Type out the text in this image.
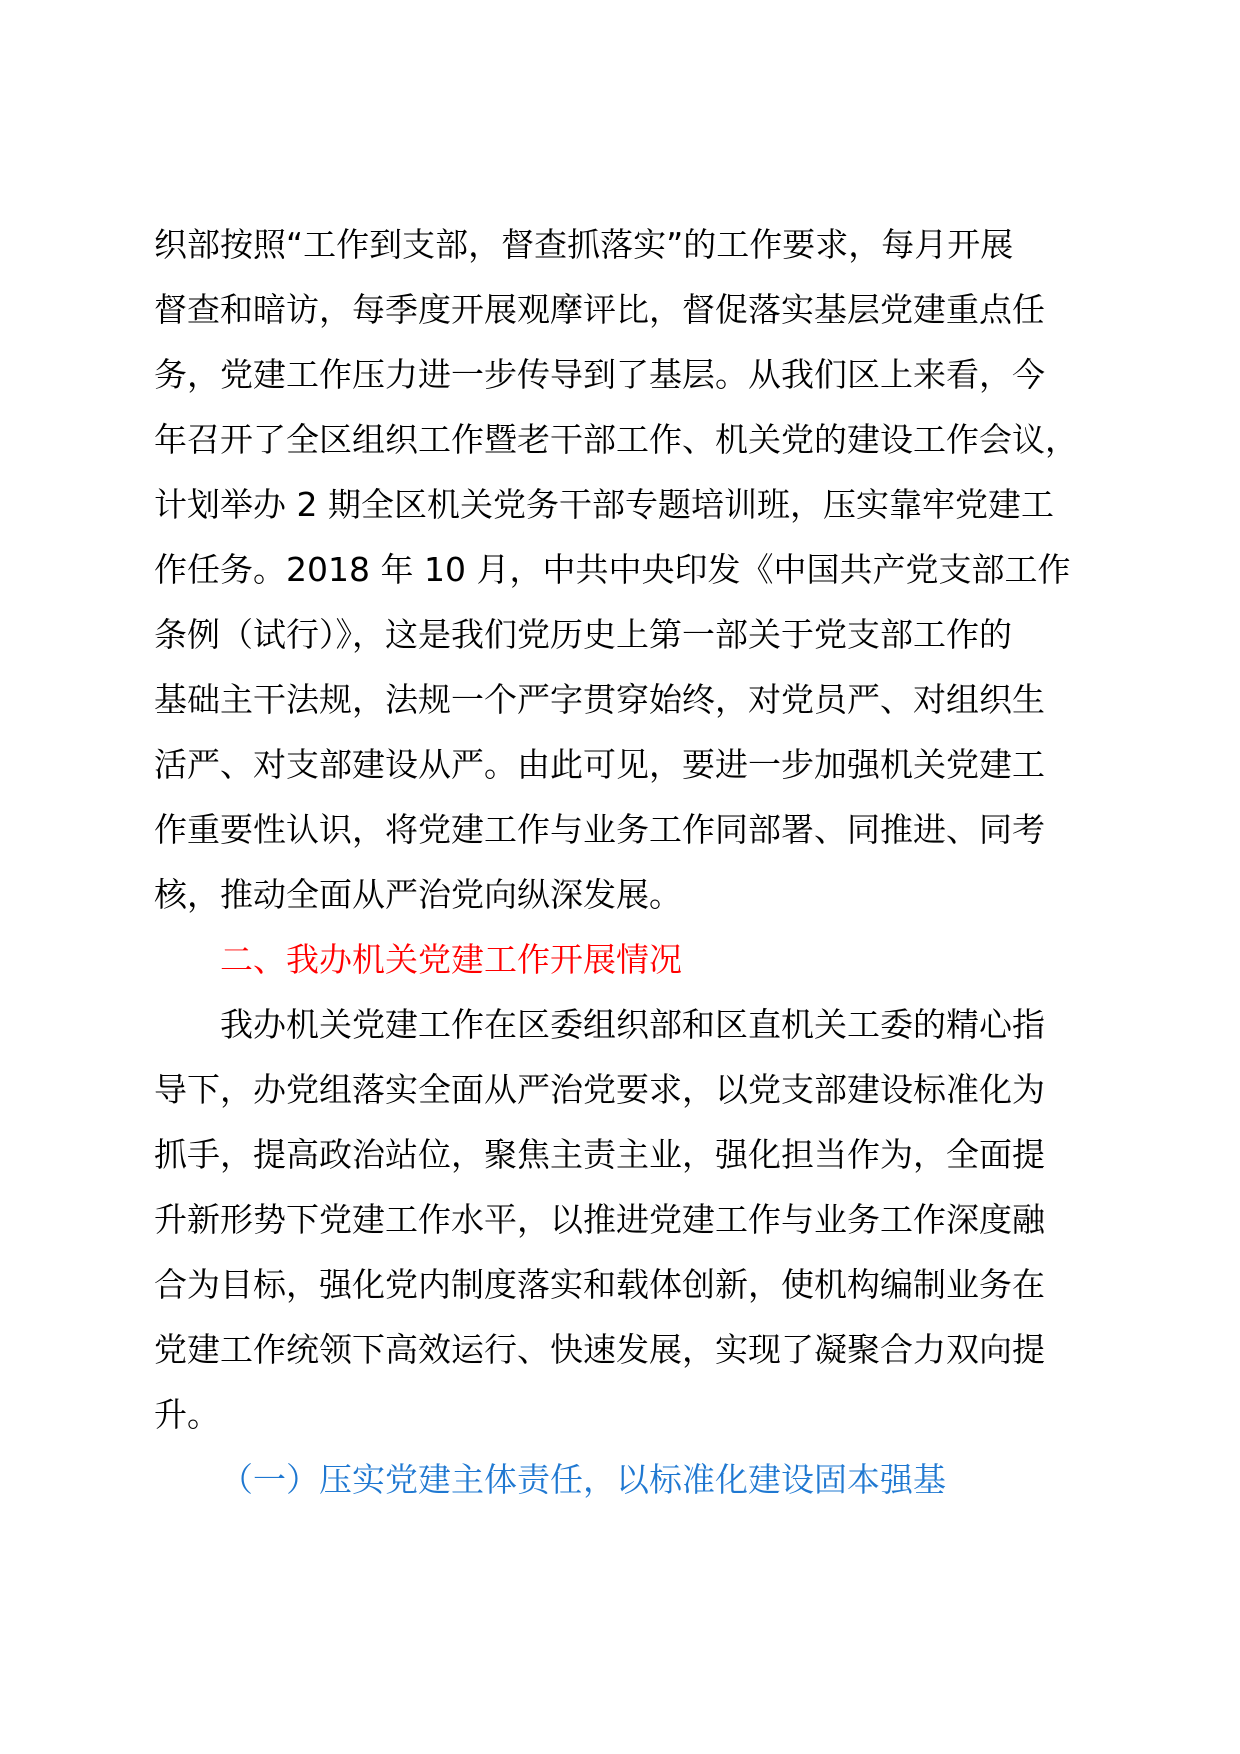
织部按照“工作到支部，督查抓落实”的工作要求，每月开展
督查和暗访，每季度开展观摩评比，督促落实基层党建重点任
务，党建工作压力进一步传导到了基层。从我们区上来看，今
年召开了全区组织工作暨老干部工作、机关党的建设工作会议，
计划举办 2 期全区机关党务干部专题培训班，压实靠牢党建工
作任务。2018 年 10 月，中共中央印发《中国共产党支部工作
条例（试行）》，这是我们党历史上第一部关于党支部工作的
基础主干法规，法规一个严字贯穿始终，对党员严、对组织生
活严、对支部建设从严。由此可见，要进一步加强机关党建工
作重要性认识，将党建工作与业务工作同部署、同推进、同考
核，推动全面从严治党向纵深发展。
二、我办机关党建工作开展情况
我办机关党建工作在区委组织部和区直机关工委的精心指
导下，办党组落实全面从严治党要求，以党支部建设标准化为
抓手，提高政治站位，聚焦主责主业，强化担当作为，全面提
升新形势下党建工作水平，以推进党建工作与业务工作深度融
合为目标，强化党内制度落实和载体创新，使机构编制业务在
党建工作统领下高效运行、快速发展，实现了凝聚合力双向提
升。
（一）压实党建主体责任，以标准化建设固本强基
